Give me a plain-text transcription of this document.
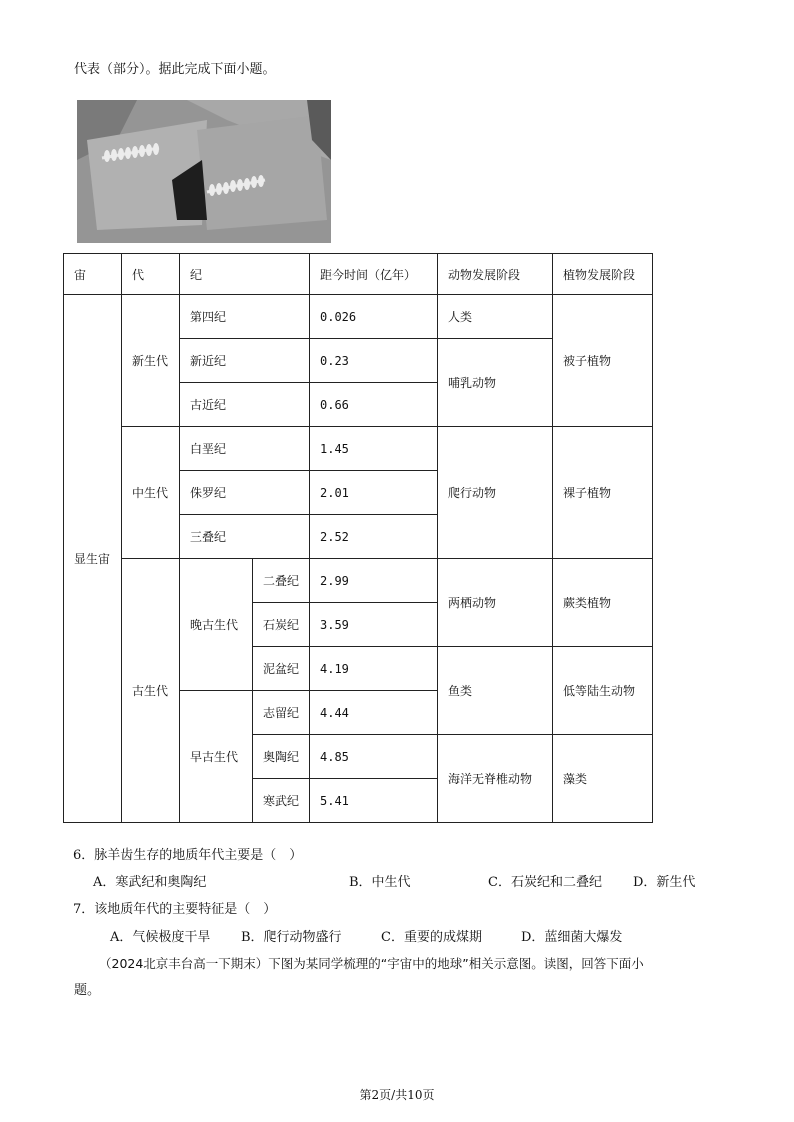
代表（部分）。据此完成下面小题。
宙	代	纪		距今时间（亿年）	动物发展阶段	植物发展阶段
显生宙	新生代	第四纪		0.026	人类	被子植物
		新近纪		0.23	哺乳动物	
		古近纪		0.66		
	中生代	白垩纪		1.45	爬行动物	裸子植物
		侏罗纪		2.01		
		三叠纪		2.52		
	古生代	晚古生代	二叠纪	2.99	两栖动物	蕨类植物
			石炭纪	3.59		
			泥盆纪	4.19	鱼类	低等陆生动物
		早古生代	志留纪	4.44		
			奥陶纪	4.85	海洋无脊椎动物	藻类
			寒武纪	5.41		
6．脉羊齿生存的地质年代主要是（　）
A．寒武纪和奥陶纪	B．中生代	C．石炭纪和二叠纪 D．新生代
7．该地质年代的主要特征是（　）
A．气候极度干旱 B．爬行动物盛行	C．重要的成煤期	D．蓝细菌大爆发
（2024北京丰台高一下期末）下图为某同学梳理的“宇宙中的地球”相关示意图。读图，回答下面小
题。
第2页/共10页
